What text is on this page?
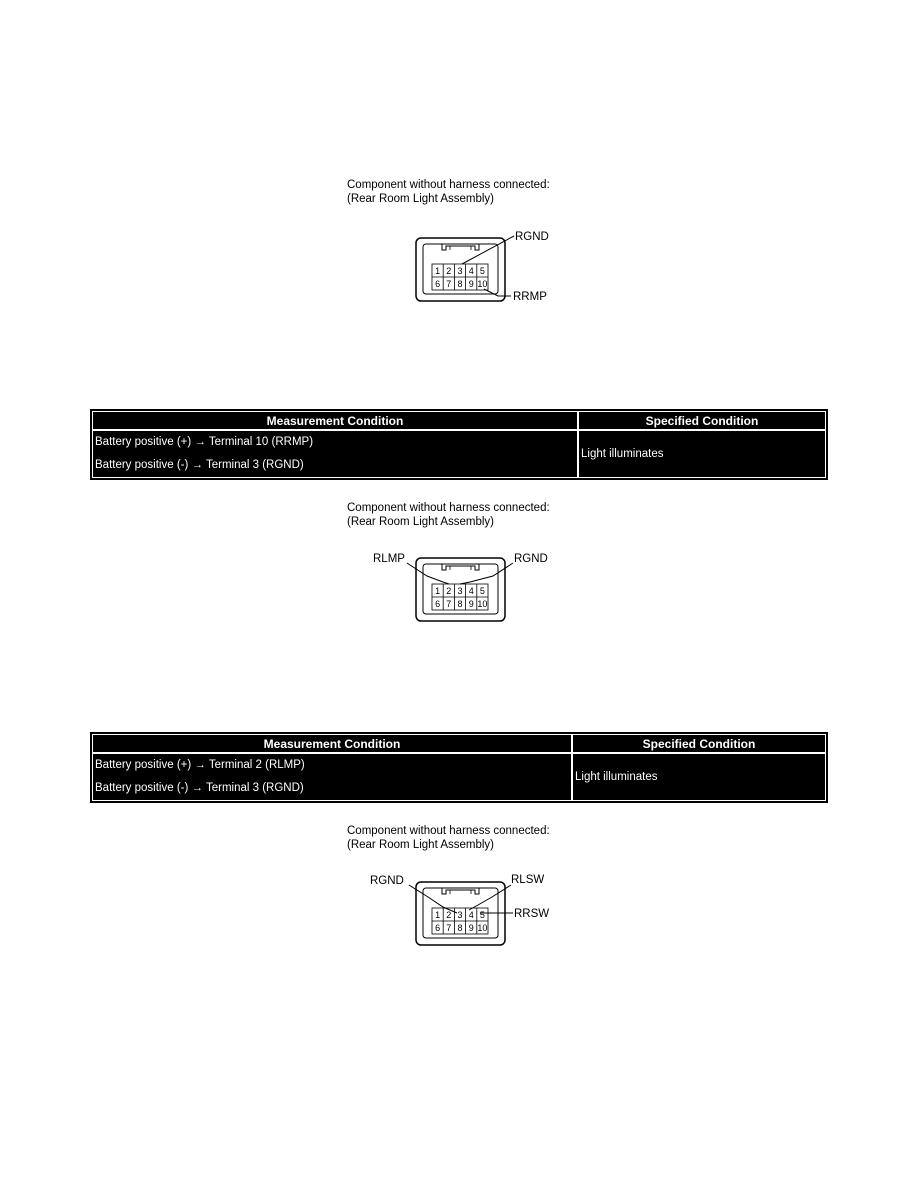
Component without harness connected:
(Rear Room Light Assembly)
1 2 3 4 5
6 7 8 9 10
RGND
RRMP
Measurement Condition	Specified Condition

Battery positive (+) → Terminal 10 (RRMP)
Battery positive (-) → Terminal 3 (RGND)	Light illuminates
Component without harness connected:
(Rear Room Light Assembly)
1 2 3 4 5
6 7 8 9 10
RLMP	RGND
Measurement Condition	Specified Condition

Battery positive (+) → Terminal 2 (RLMP)
Battery positive (-) → Terminal 3 (RGND)	Light illuminates
Component without harness connected:
(Rear Room Light Assembly)
1 2 3 4 5
6 7 8 9 10
RGND	RLSW
RRSW
